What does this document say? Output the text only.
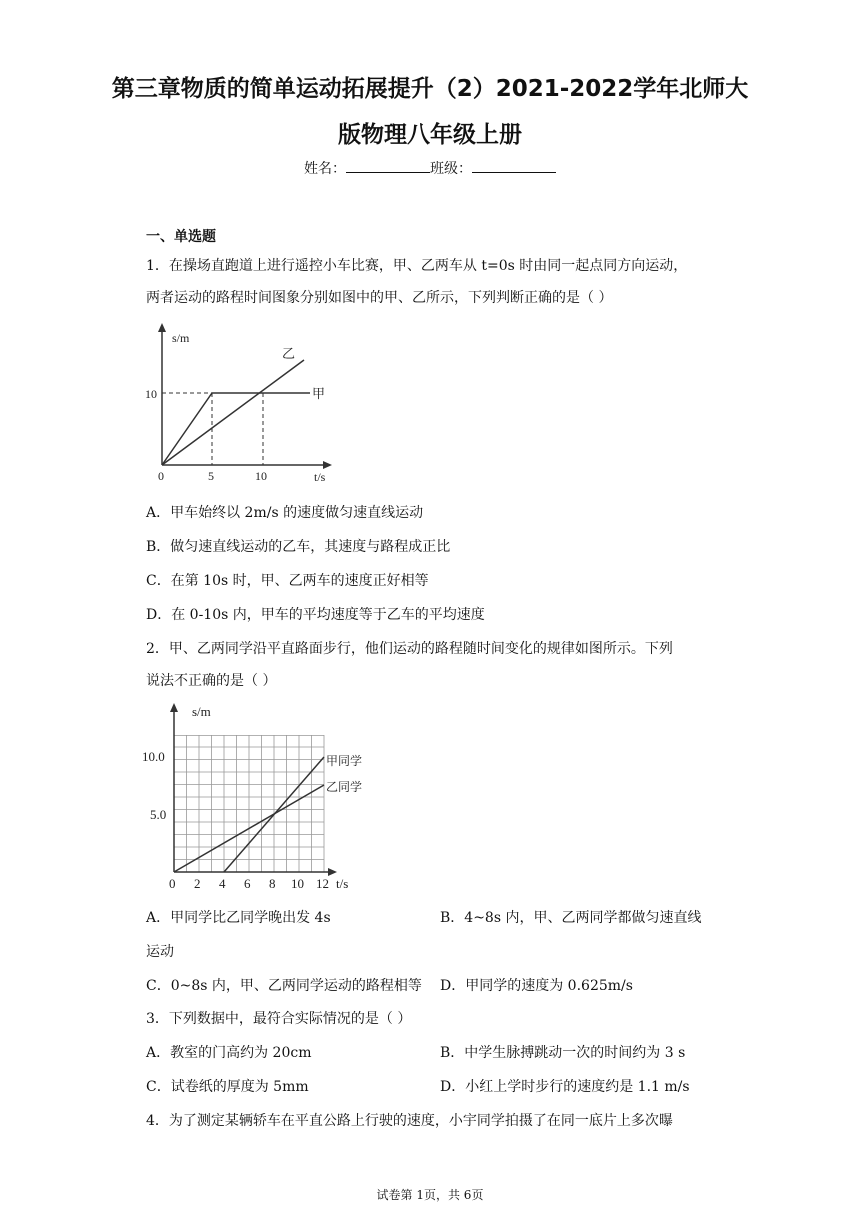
第三章物质的简单运动拓展提升（2）2021-2022学年北师大
版物理八年级上册
姓名：	班级：
一、单选题
1．在操场直跑道上进行遥控小车比赛，甲、乙两车从 t=0s 时由同一起点同方向运动，
两者运动的路程时间图象分别如图中的甲、乙所示，下列判断正确的是（ ）
s/m
t/s
0	5	10
10	甲
乙
A．甲车始终以 2m/s 的速度做匀速直线运动
B．做匀速直线运动的乙车，其速度与路程成正比
C．在第 10s 时，甲、乙两车的速度正好相等
D．在 0-10s 内，甲车的平均速度等于乙车的平均速度
2．甲、乙两同学沿平直路面步行，他们运动的路程随时间变化的规律如图所示。下列
说法不正确的是（ ）
s/m
t/s
10.0
5.0
0 2 4 6 8 10 12
甲同学
乙同学
A．甲同学比乙同学晚出发 4s	B．4~8s 内，甲、乙两同学都做匀速直线
运动
C．0~8s 内，甲、乙两同学运动的路程相等 D．甲同学的速度为 0.625m/s
3．下列数据中，最符合实际情况的是（ ）
A．教室的门高约为 20cm	B．中学生脉搏跳动一次的时间约为 3 s
C．试卷纸的厚度为 5mm	D．小红上学时步行的速度约是 1.1 m/s
4．为了测定某辆轿车在平直公路上行驶的速度，小宇同学拍摄了在同一底片上多次曝
试卷第 1页，共 6页
